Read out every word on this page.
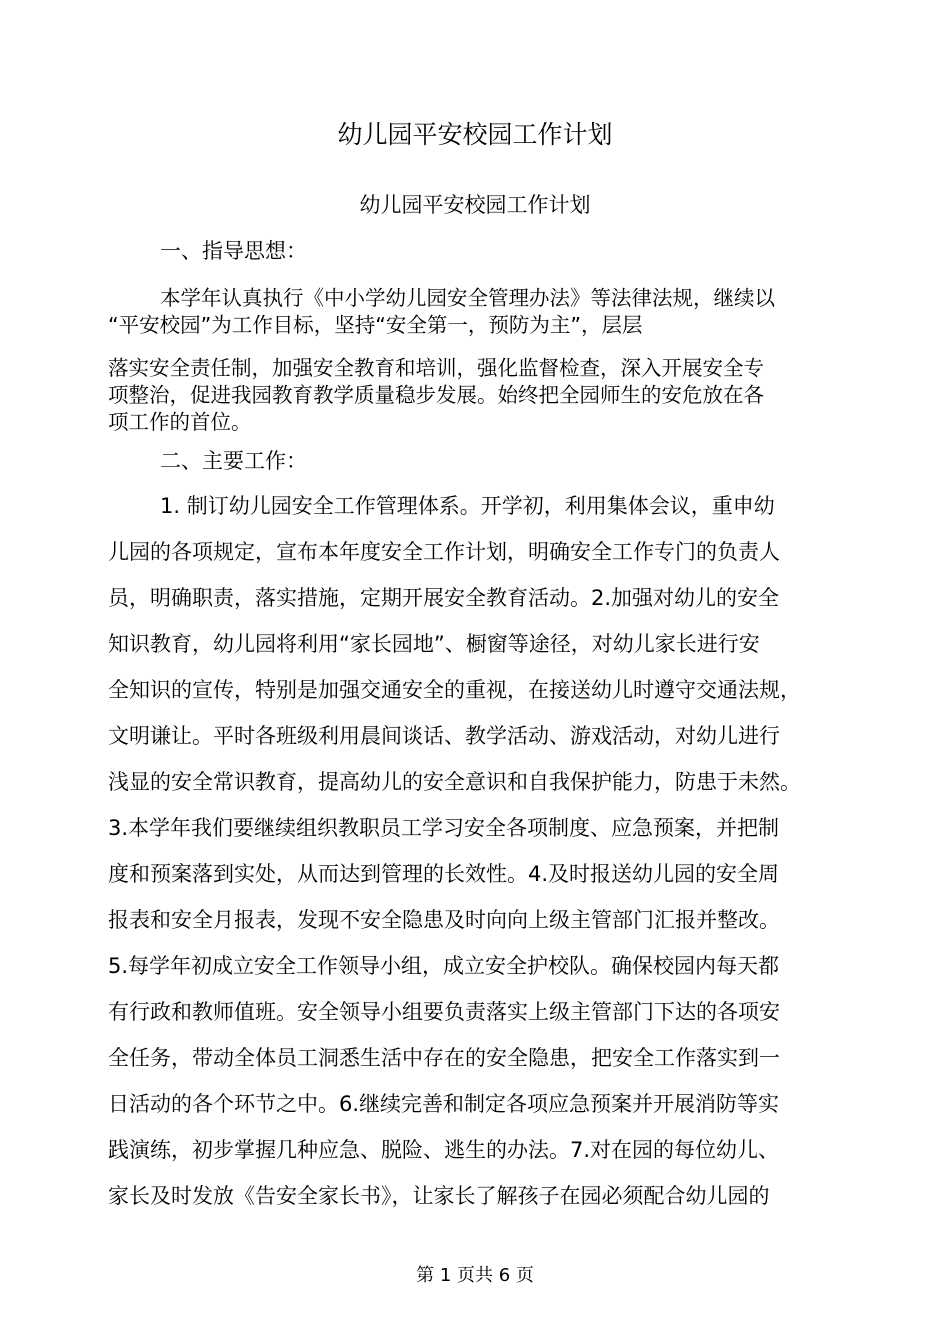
幼儿园平安校园工作计划
幼儿园平安校园工作计划
一、指导思想：
本学年认真执行《中小学幼儿园安全管理办法》等法律法规，继续以
“平安校园”为工作目标，坚持“安全第一，预防为主”，层层
落实安全责任制，加强安全教育和培训，强化监督检查，深入开展安全专
项整治，促进我园教育教学质量稳步发展。始终把全园师生的安危放在各
项工作的首位。
二、主要工作：
1. 制订幼儿园安全工作管理体系。开学初，利用集体会议，重申幼
儿园的各项规定，宣布本年度安全工作计划，明确安全工作专门的负责人
员，明确职责，落实措施，定期开展安全教育活动。2.加强对幼儿的安全
知识教育，幼儿园将利用“家长园地”、橱窗等途径，对幼儿家长进行安
全知识的宣传，特别是加强交通安全的重视，在接送幼儿时遵守交通法规，
文明谦让。平时各班级利用晨间谈话、教学活动、游戏活动，对幼儿进行
浅显的安全常识教育，提高幼儿的安全意识和自我保护能力，防患于未然。
3.本学年我们要继续组织教职员工学习安全各项制度、应急预案，并把制
度和预案落到实处，从而达到管理的长效性。4.及时报送幼儿园的安全周
报表和安全月报表，发现不安全隐患及时向向上级主管部门汇报并整改。
5.每学年初成立安全工作领导小组，成立安全护校队。确保校园内每天都
有行政和教师值班。安全领导小组要负责落实上级主管部门下达的各项安
全任务，带动全体员工洞悉生活中存在的安全隐患，把安全工作落实到一
日活动的各个环节之中。6.继续完善和制定各项应急预案并开展消防等实
践演练，初步掌握几种应急、脱险、逃生的办法。7.对在园的每位幼儿、
家长及时发放《告安全家长书》，让家长了解孩子在园必须配合幼儿园的
第 1 页共 6 页
